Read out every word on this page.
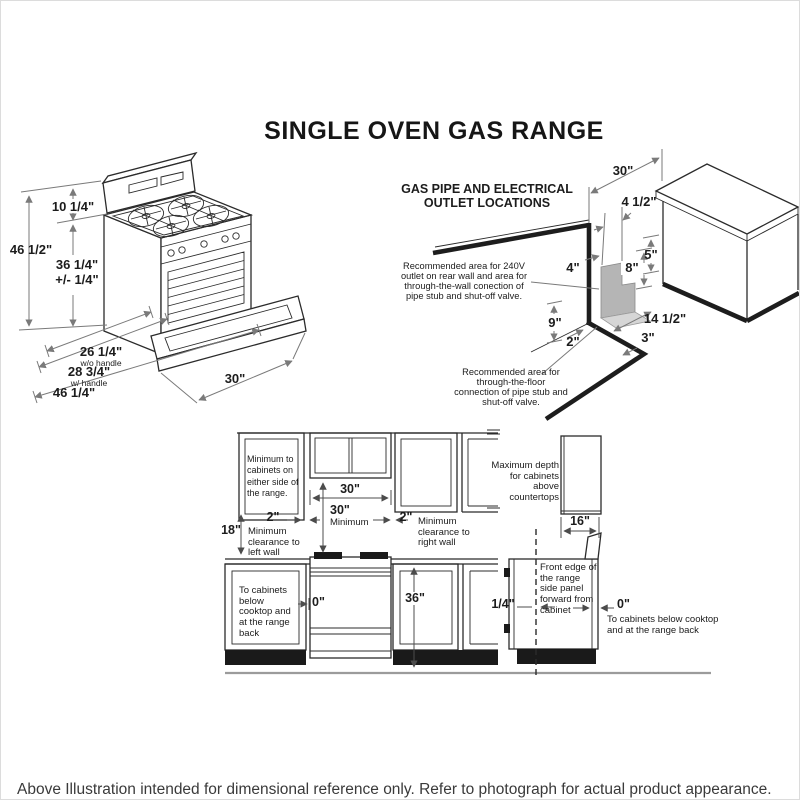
SINGLE OVEN GAS RANGE
10 1/4"
46 1/2"
36 1/4"
+/- 1/4"
26 1/4"
w/o handle
28 3/4"
w/ handle
46 1/4"
30"
GAS PIPE AND ELECTRICAL
OUTLET LOCATIONS
Recommended area for 240V outlet on rear wall and area for through-the-wall conection of pipe stub and shut-off valve.
Recommended area for through-the-floor connection of pipe stub and shut-off valve.
30"
4 1/2"
5"
4"	8"
9"
2"
14 1/2"
3"
Minimum to cabinets on either side of the range.	30"
30"
Minimum
2"
18" Minimum clearance to left wall
2" Minimum clearance to right wall
To cabinets below cooktop and at the range back
0"	36"
Maximum depth for cabinets above countertops
16"
Front edge of the range side panel forward from cabinet
1/4"	0"
To cabinets below cooktop and at the range back
Above Illustration intended for dimensional reference only. Refer to photograph for actual product appearance.
